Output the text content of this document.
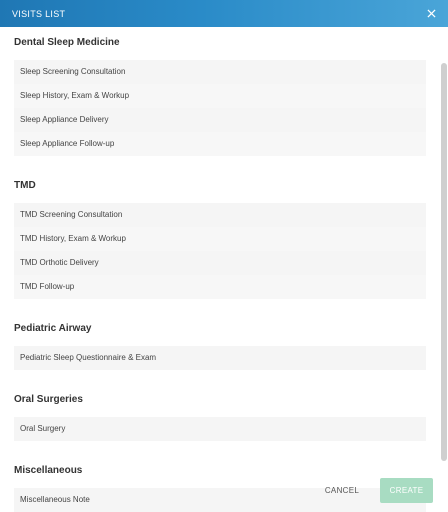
VISITS LIST
Dental Sleep Medicine
Sleep Screening Consultation
Sleep History, Exam & Workup
Sleep Appliance Delivery
Sleep Appliance Follow-up
TMD
TMD Screening Consultation
TMD History, Exam & Workup
TMD Orthotic Delivery
TMD Follow-up
Pediatric Airway
Pediatric Sleep Questionnaire & Exam
Oral Surgeries
Oral Surgery
Miscellaneous
Miscellaneous Note
CANCEL	CREATE
